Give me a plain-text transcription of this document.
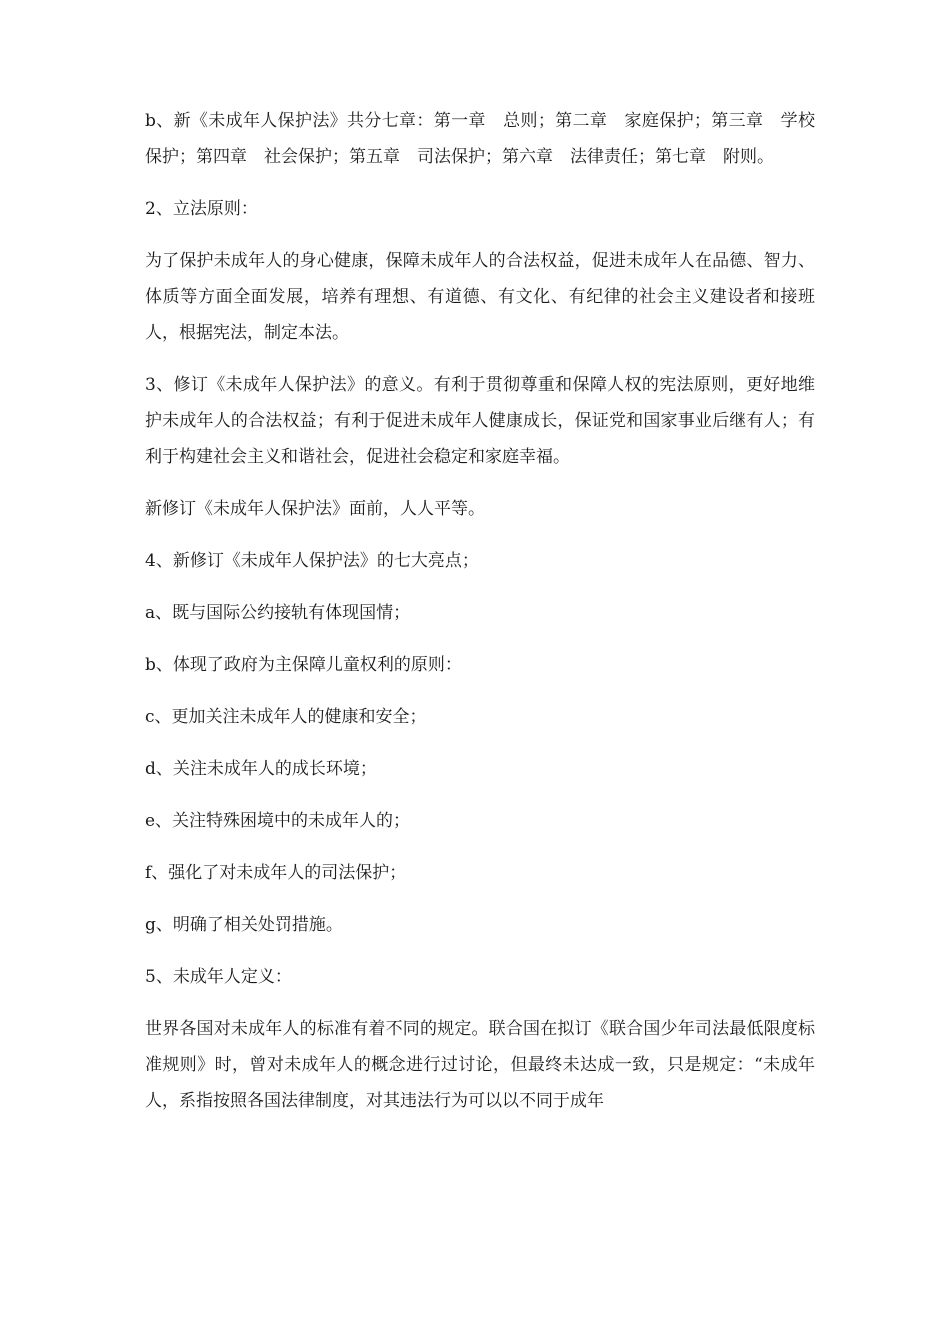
b、新《未成年人保护法》共分七章：第一章　总则；第二章　家庭保护；第三章　学校保护；第四章　社会保护；第五章　司法保护；第六章　法律责任；第七章　附则。

2、立法原则：

为了保护未成年人的身心健康，保障未成年人的合法权益，促进未成年人在品德、智力、体质等方面全面发展，培养有理想、有道德、有文化、有纪律的社会主义建设者和接班人，根据宪法，制定本法。

3、修订《未成年人保护法》的意义。有利于贯彻尊重和保障人权的宪法原则，更好地维护未成年人的合法权益；有利于促进未成年人健康成长，保证党和国家事业后继有人；有利于构建社会主义和谐社会，促进社会稳定和家庭幸福。

新修订《未成年人保护法》面前，人人平等。

4、新修订《未成年人保护法》的七大亮点；

a、既与国际公约接轨有体现国情；

b、体现了政府为主保障儿童权利的原则：

c、更加关注未成年人的健康和安全；

d、关注未成年人的成长环境；

e、关注特殊困境中的未成年人的；

f、强化了对未成年人的司法保护；

g、明确了相关处罚措施。

5、未成年人定义：

世界各国对未成年人的标准有着不同的规定。联合国在拟订《联合国少年司法最低限度标准规则》时，曾对未成年人的概念进行过讨论，但最终未达成一致，只是规定：“未成年人，系指按照各国法律制度，对其违法行为可以以不同于成年
